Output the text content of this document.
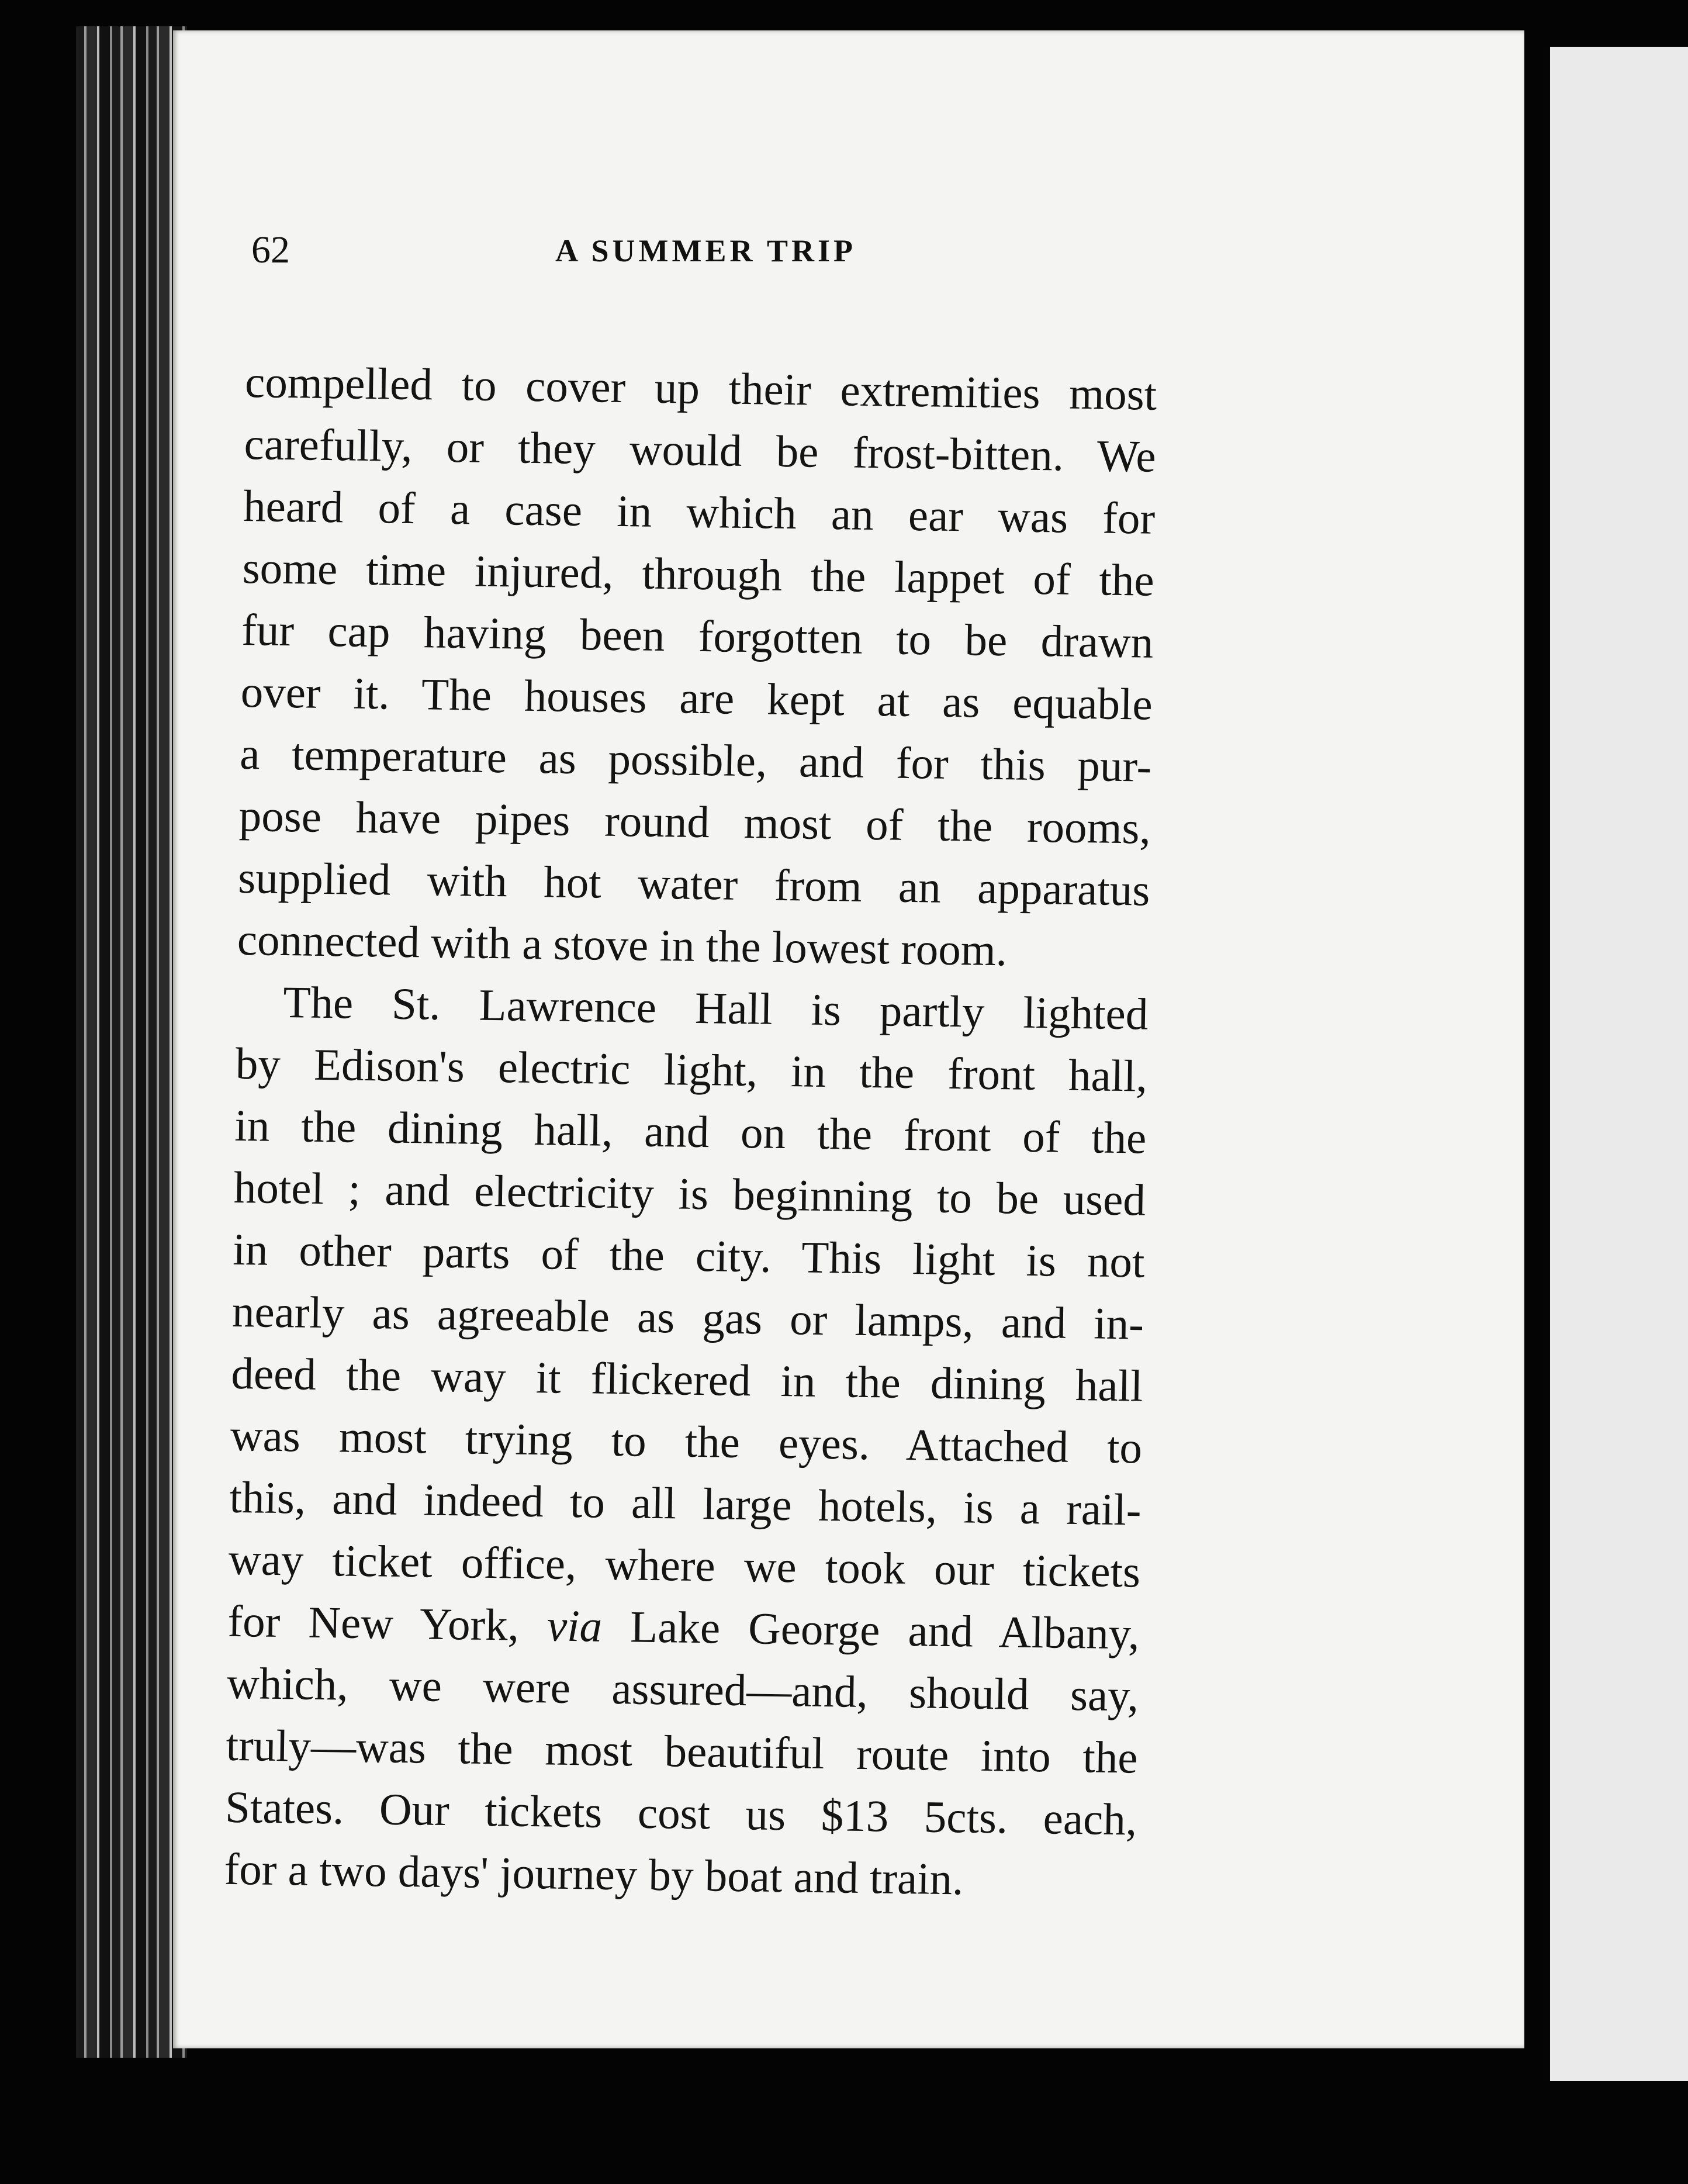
62	A SUMMER TRIP
compelled to cover up their extremities most
carefully, or they would be frost-bitten. We
heard of a case in which an ear was for
some time injured, through the lappet of the
fur cap having been forgotten to be drawn
over it. The houses are kept at as equable
a temperature as possible, and for this pur-
pose have pipes round most of the rooms,
supplied with hot water from an apparatus
connected with a stove in the lowest room.
The St. Lawrence Hall is partly lighted
by Edison's electric light, in the front hall,
in the dining hall, and on the front of the
hotel ; and electricity is beginning to be used
in other parts of the city. This light is not
nearly as agreeable as gas or lamps, and in-
deed the way it flickered in the dining hall
was most trying to the eyes. Attached to
this, and indeed to all large hotels, is a rail-
way ticket office, where we took our tickets
for New York, via Lake George and Albany,
which, we were assured—and, should say,
truly—was the most beautiful route into the
States. Our tickets cost us $13 5cts. each,
for a two days' journey by boat and train.
